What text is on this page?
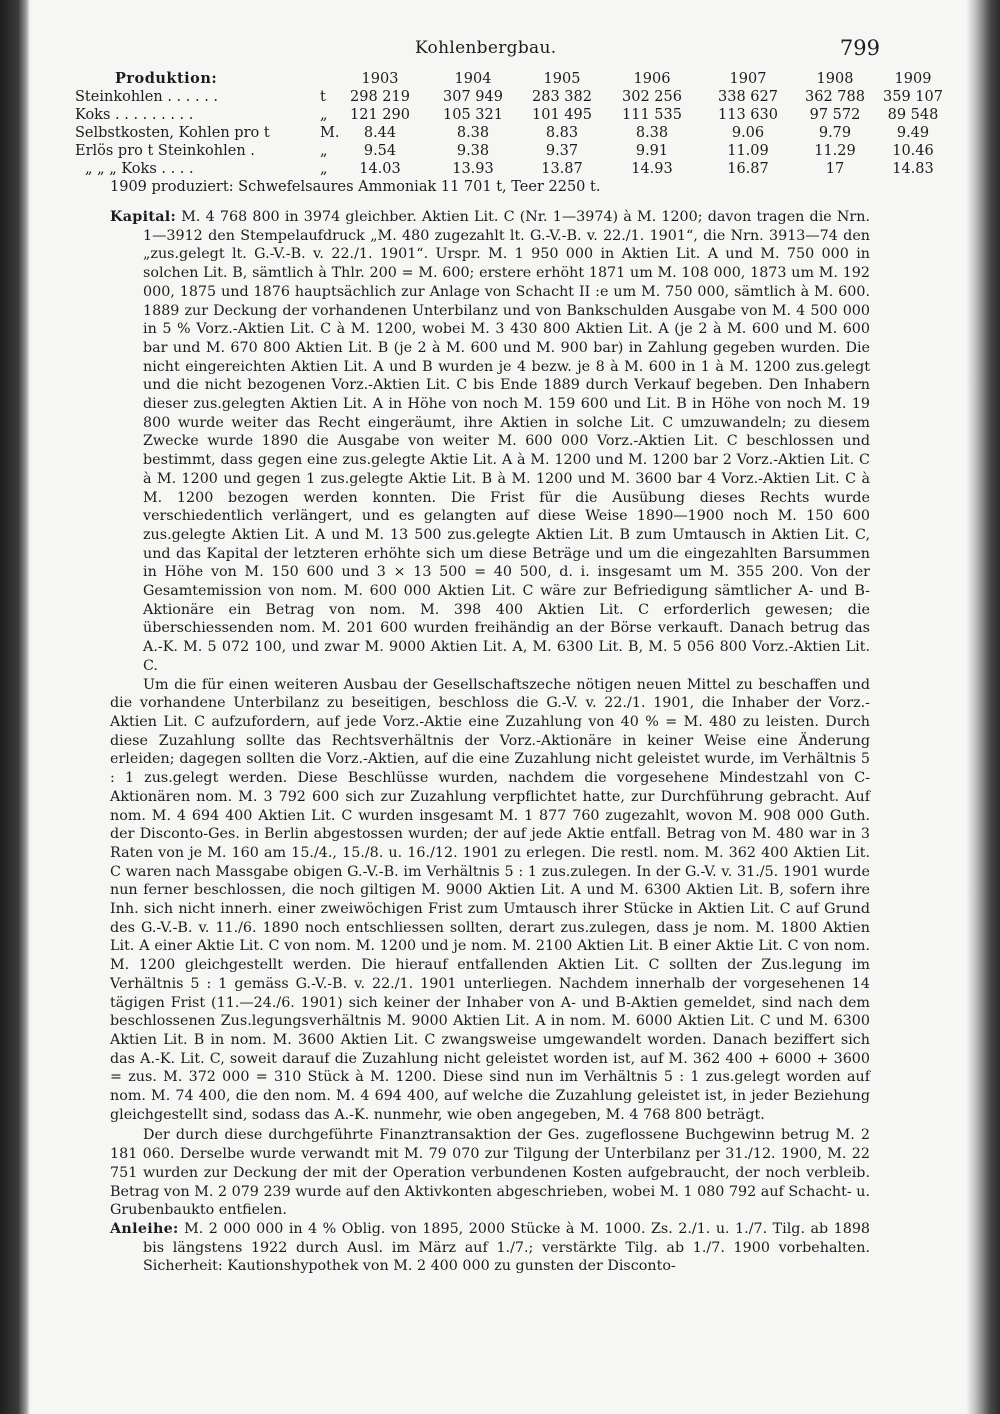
Kohlenbergbau.	799
Produktion:	1903	1904	1905	1906	1907	1908	1909
Steinkohlen . . . . . .	t	298 219	307 949	283 382	302 256	338 627	362 788	359 107
Koks . . . . . . . . .	„	121 290	105 321	101 495	111 535	113 630	97 572	89 548
Selbstkosten, Kohlen pro t	M.	8.44	8.38	8.83	8.38	9.06	9.79	9.49
Erlös pro t Steinkohlen .	„	9.54	9.38	9.37	9.91	11.09	11.29	10.46
„ „ „ Koks . . . .	„	14.03	13.93	13.87	14.93	16.87	17	14.83
1909 produziert: Schwefelsaures Ammoniak 11 701 t, Teer 2250 t.

Kapital: M. 4 768 800 in 3974 gleichber. Aktien Lit. C (Nr. 1—3974) à M. 1200; davon tragen die Nrn. 1—3912 den Stempelaufdruck „M. 480 zugezahlt lt. G.-V.-B. v. 22./1. 1901“, die Nrn. 3913—74 den „zus.gelegt lt. G.-V.-B. v. 22./1. 1901“. Urspr. M. 1 950 000 in Aktien Lit. A und M. 750 000 in solchen Lit. B, sämtlich à Thlr. 200 = M. 600; erstere erhöht 1871 um M. 108 000, 1873 um M. 192 000, 1875 und 1876 hauptsächlich zur Anlage von Schacht II :e um M. 750 000, sämtlich à M. 600. 1889 zur Deckung der vorhandenen Unterbilanz und von Bankschulden Ausgabe von M. 4 500 000 in 5 % Vorz.-Aktien Lit. C à M. 1200, wobei M. 3 430 800 Aktien Lit. A (je 2 à M. 600 und M. 600 bar und M. 670 800 Aktien Lit. B (je 2 à M. 600 und M. 900 bar) in Zahlung gegeben wurden. Die nicht eingereichten Aktien Lit. A und B wurden je 4 bezw. je 8 à M. 600 in 1 à M. 1200 zus.gelegt und die nicht bezogenen Vorz.-Aktien Lit. C bis Ende 1889 durch Verkauf begeben. Den Inhabern dieser zus.gelegten Aktien Lit. A in Höhe von noch M. 159 600 und Lit. B in Höhe von noch M. 19 800 wurde weiter das Recht eingeräumt, ihre Aktien in solche Lit. C umzuwandeln; zu diesem Zwecke wurde 1890 die Ausgabe von weiter M. 600 000 Vorz.-Aktien Lit. C beschlossen und bestimmt, dass gegen eine zus.gelegte Aktie Lit. A à M. 1200 und M. 1200 bar 2 Vorz.-Aktien Lit. C à M. 1200 und gegen 1 zus.gelegte Aktie Lit. B à M. 1200 und M. 3600 bar 4 Vorz.-Aktien Lit. C à M. 1200 bezogen werden konnten. Die Frist für die Ausübung dieses Rechts wurde verschiedentlich verlängert, und es gelangten auf diese Weise 1890—1900 noch M. 150 600 zus.gelegte Aktien Lit. A und M. 13 500 zus.gelegte Aktien Lit. B zum Umtausch in Aktien Lit. C, und das Kapital der letzteren erhöhte sich um diese Beträge und um die eingezahlten Barsummen in Höhe von M. 150 600 und 3 × 13 500 = 40 500, d. i. insgesamt um M. 355 200. Von der Gesamtemission von nom. M. 600 000 Aktien Lit. C wäre zur Befriedigung sämtlicher A- und B-Aktionäre ein Betrag von nom. M. 398 400 Aktien Lit. C erforderlich gewesen; die überschiessenden nom. M. 201 600 wurden freihändig an der Börse verkauft. Danach betrug das A.-K. M. 5 072 100, und zwar M. 9000 Aktien Lit. A, M. 6300 Lit. B, M. 5 056 800 Vorz.-Aktien Lit. C.

Um die für einen weiteren Ausbau der Gesellschaftszeche nötigen neuen Mittel zu beschaffen und die vorhandene Unterbilanz zu beseitigen, beschloss die G.-V. v. 22./1. 1901, die Inhaber der Vorz.-Aktien Lit. C aufzufordern, auf jede Vorz.-Aktie eine Zuzahlung von 40 % = M. 480 zu leisten. Durch diese Zuzahlung sollte das Rechtsverhältnis der Vorz.-Aktionäre in keiner Weise eine Änderung erleiden; dagegen sollten die Vorz.-Aktien, auf die eine Zuzahlung nicht geleistet wurde, im Verhältnis 5 : 1 zus.gelegt werden. Diese Beschlüsse wurden, nachdem die vorgesehene Mindestzahl von C-Aktionären nom. M. 3 792 600 sich zur Zuzahlung verpflichtet hatte, zur Durchführung gebracht. Auf nom. M. 4 694 400 Aktien Lit. C wurden insgesamt M. 1 877 760 zugezahlt, wovon M. 908 000 Guth. der Disconto-Ges. in Berlin abgestossen wurden; der auf jede Aktie entfall. Betrag von M. 480 war in 3 Raten von je M. 160 am 15./4., 15./8. u. 16./12. 1901 zu erlegen. Die restl. nom. M. 362 400 Aktien Lit. C waren nach Massgabe obigen G.-V.-B. im Verhältnis 5 : 1 zus.zulegen. In der G.-V. v. 31./5. 1901 wurde nun ferner beschlossen, die noch giltigen M. 9000 Aktien Lit. A und M. 6300 Aktien Lit. B, sofern ihre Inh. sich nicht innerh. einer zweiwöchigen Frist zum Umtausch ihrer Stücke in Aktien Lit. C auf Grund des G.-V.-B. v. 11./6. 1890 noch entschliessen sollten, derart zus.zulegen, dass je nom. M. 1800 Aktien Lit. A einer Aktie Lit. C von nom. M. 1200 und je nom. M. 2100 Aktien Lit. B einer Aktie Lit. C von nom. M. 1200 gleichgestellt werden. Die hierauf entfallenden Aktien Lit. C sollten der Zus.legung im Verhältnis 5 : 1 gemäss G.-V.-B. v. 22./1. 1901 unterliegen. Nachdem innerhalb der vorgesehenen 14 tägigen Frist (11.—24./6. 1901) sich keiner der Inhaber von A- und B-Aktien gemeldet, sind nach dem beschlossenen Zus.legungsverhältnis M. 9000 Aktien Lit. A in nom. M. 6000 Aktien Lit. C und M. 6300 Aktien Lit. B in nom. M. 3600 Aktien Lit. C zwangsweise umgewandelt worden. Danach beziffert sich das A.-K. Lit. C, soweit darauf die Zuzahlung nicht geleistet worden ist, auf M. 362 400 + 6000 + 3600 = zus. M. 372 000 = 310 Stück à M. 1200. Diese sind nun im Verhältnis 5 : 1 zus.gelegt worden auf nom. M. 74 400, die den nom. M. 4 694 400, auf welche die Zuzahlung geleistet ist, in jeder Beziehung gleichgestellt sind, sodass das A.-K. nunmehr, wie oben angegeben, M. 4 768 800 beträgt.

Der durch diese durchgeführte Finanztransaktion der Ges. zugeflossene Buchgewinn betrug M. 2 181 060. Derselbe wurde verwandt mit M. 79 070 zur Tilgung der Unterbilanz per 31./12. 1900, M. 22 751 wurden zur Deckung der mit der Operation verbundenen Kosten aufgebraucht, der noch verbleib. Betrag von M. 2 079 239 wurde auf den Aktivkonten abgeschrieben, wobei M. 1 080 792 auf Schacht- u. Grubenbaukto entfielen.

Anleihe: M. 2 000 000 in 4 % Oblig. von 1895, 2000 Stücke à M. 1000. Zs. 2./1. u. 1./7. Tilg. ab 1898 bis längstens 1922 durch Ausl. im März auf 1./7.; verstärkte Tilg. ab 1./7. 1900 vorbehalten. Sicherheit: Kautionshypothek von M. 2 400 000 zu gunsten der Disconto-
